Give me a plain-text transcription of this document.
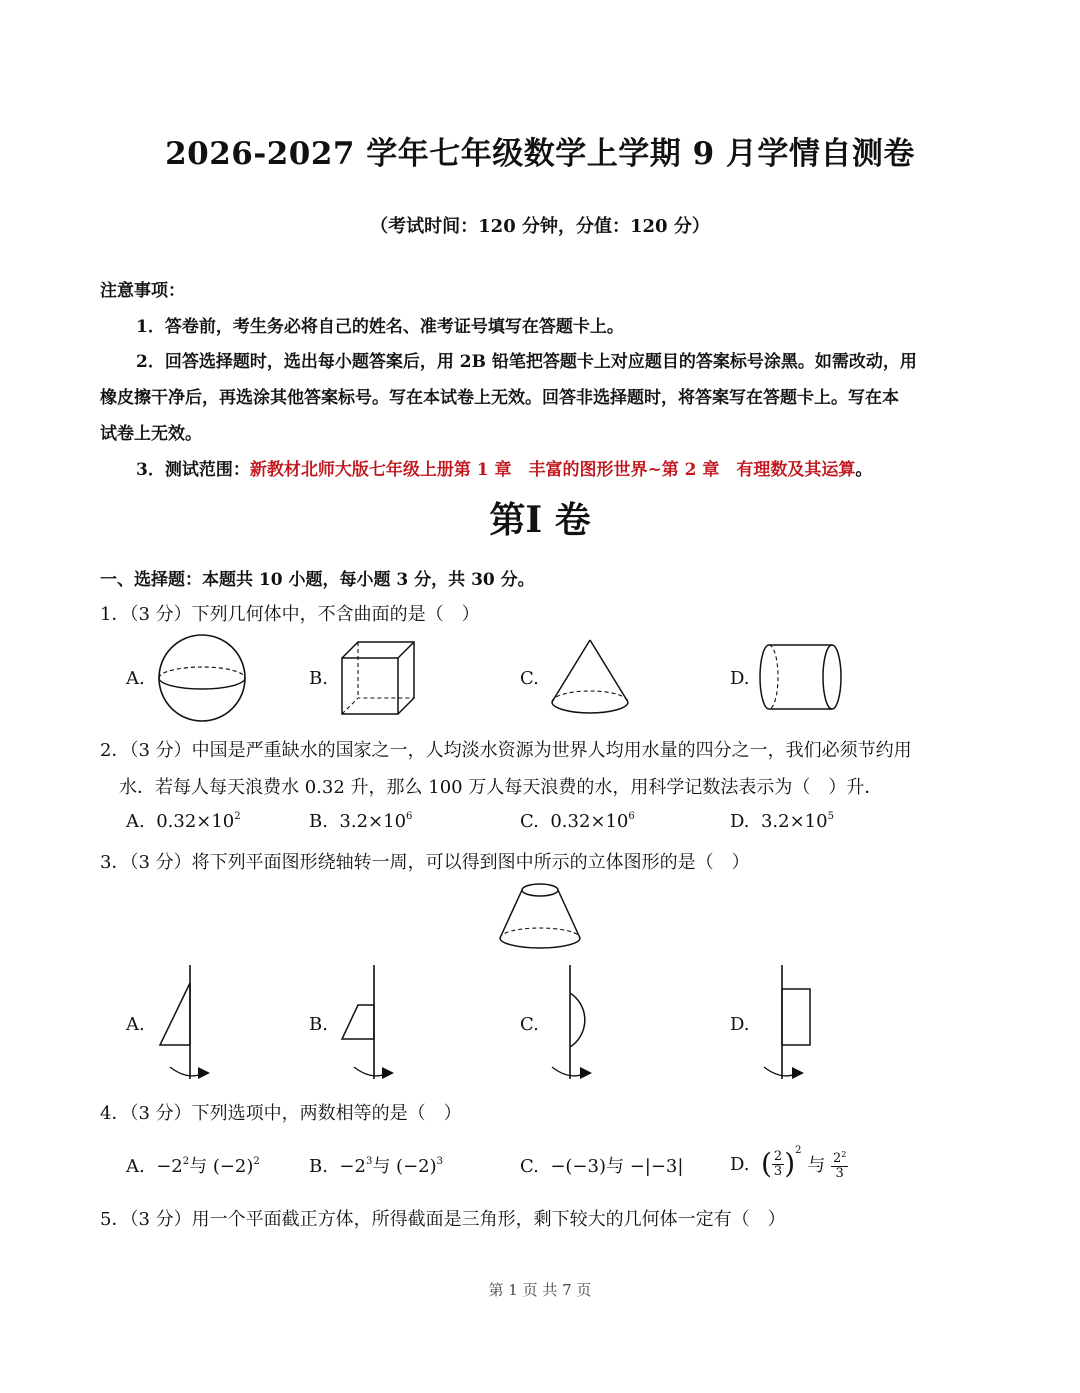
2026-2027 学年七年级数学上学期 9 月学情自测卷
（考试时间：120 分钟，分值：120 分）
注意事项：
1．答卷前，考生务必将自己的姓名、准考证号填写在答题卡上。
2．回答选择题时，选出每小题答案后，用 2B 铅笔把答题卡上对应题目的答案标号涂黑。如需改动，用
橡皮擦干净后，再选涂其他答案标号。写在本试卷上无效。回答非选择题时，将答案写在答题卡上。写在本
试卷上无效。
3．测试范围：新教材北师大版七年级上册第 1 章　丰富的图形世界~第 2 章　有理数及其运算。
第Ⅰ 卷
一、选择题：本题共 10 小题，每小题 3 分，共 30 分。
1．（3 分）下列几何体中，不含曲面的是（　）
A.	B.	C.	D.
2．（3 分）中国是严重缺水的国家之一，人均淡水资源为世界人均用水量的四分之一，我们必须节约用
水．若每人每天浪费水 0.32 升，那么 100 万人每天浪费的水，用科学记数法表示为（　）升．
A. $0.32\times 10^2$	B. $3.2\times 10^6$	C. $0.32\times 10^6$	D. $3.2\times 10^5$
3．（3 分）将下列平面图形绕轴转一周，可以得到图中所示的立体图形的是（　）
A.	B.	C.	D.
4．（3 分）下列选项中，两数相等的是（　）
A. $-2^2$与 $(-2)^2$	B. $-2^3$与 $(-2)^3$	C. −(−3)与 −|−3|	D.
( $\frac{2}{3} )^2$

与
$\frac{2^2}{3}$
5．（3 分）用一个平面截正方体，所得截面是三角形，剩下较大的几何体一定有（　）
第 1 页 共 7 页
